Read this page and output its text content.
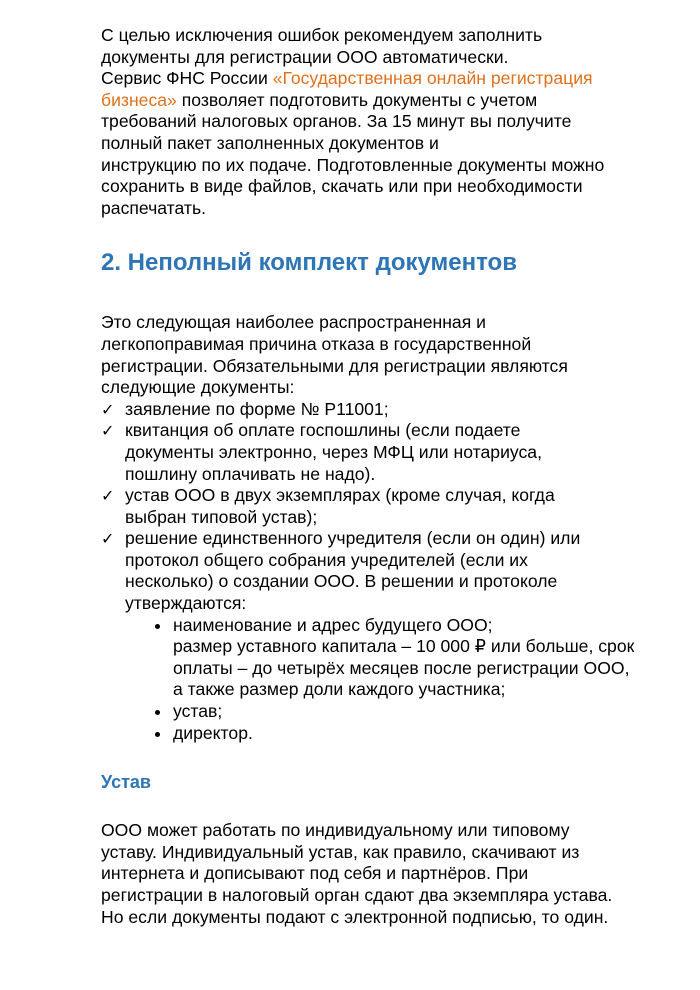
С целью исключения ошибок рекомендуем заполнить
документы для регистрации ООО автоматически.
Сервис ФНС России «Государственная онлайн регистрация
бизнеса» позволяет подготовить документы с учетом
требований налоговых органов. За 15 минут вы получите
полный пакет заполненных документов и
инструкцию по их подаче. Подготовленные документы можно
сохранить в виде файлов, скачать или при необходимости
распечатать.
2. Неполный комплект документов
Это следующая наиболее распространенная и
легкопоправимая причина отказа в государственной
регистрации. Обязательными для регистрации являются
следующие документы:
✓ заявление по форме № Р11001;
✓ квитанция об оплате госпошлины (если подаете
документы электронно, через МФЦ или нотариуса,
пошлину оплачивать не надо).
✓ устав ООО в двух экземплярах (кроме случая, когда
выбран типовой устав);
✓ решение единственного учредителя (если он один) или
протокол общего собрания учредителей (если их
несколько) о создании ООО. В решении и протоколе
утверждаются:
наименование и адрес будущего ООО;
размер уставного капитала – 10 000 ₽ или больше, срок
оплаты – до четырёх месяцев после регистрации ООО,
а также размер доли каждого участника;
устав;
директор.
Устав
ООО может работать по индивидуальному или типовому
уставу. Индивидуальный устав, как правило, скачивают из
интернета и дописывают под себя и партнёров. При
регистрации в налоговый орган сдают два экземпляра устава.
Но если документы подают с электронной подписью, то один.
